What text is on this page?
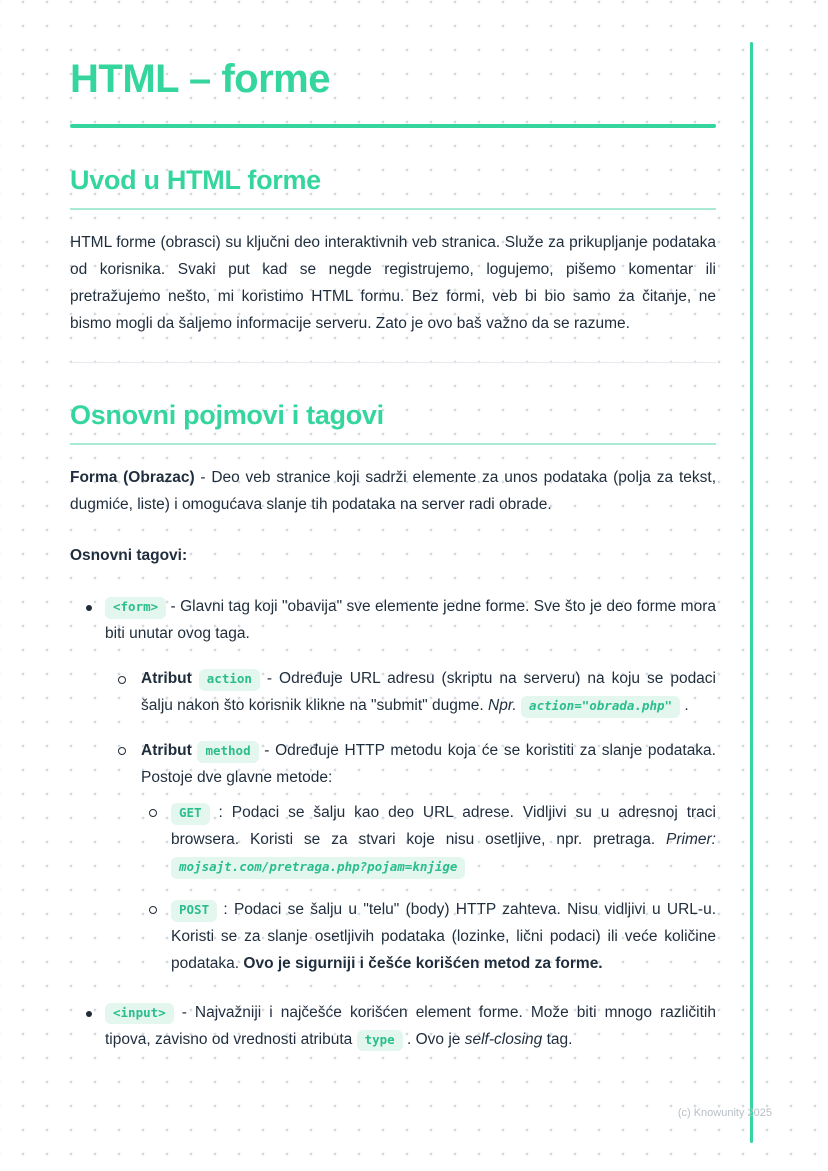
HTML – forme
Uvod u HTML forme

HTML forme (obrasci) su ključni deo interaktivnih veb stranica. Služe za prikupljanje podataka od korisnika. Svaki put kad se negde registrujemo, logujemo, pišemo komentar ili pretražujemo nešto, mi koristimo HTML formu. Bez formi, veb bi bio samo za čitanje, ne bismo mogli da šaljemo informacije serveru. Zato je ovo baš važno da se razume.

Osnovni pojmovi i tagovi

Forma (Obrazac) - Deo veb stranice koji sadrži elemente za unos podataka (polja za tekst, dugmiće, liste) i omogućava slanje tih podataka na server radi obrade.

Osnovni tagovi:

<form> - Glavni tag koji "obavija" sve elemente jedne forme. Sve što je deo forme mora biti unutar ovog taga.
Atribut action - Određuje URL adresu (skriptu na serveru) na koju se podaci šalju nakon što korisnik klikne na "submit" dugme. Npr. action="obrada.php" .
Atribut method - Određuje HTTP metodu koja će se koristiti za slanje podataka. Postoje dve glavne metode:
GET : Podaci se šalju kao deo URL adrese. Vidljivi su u adresnoj traci browsera. Koristi se za stvari koje nisu osetljive, npr. pretraga. Primer: mojsajt.com/pretraga.php?pojam=knjige
POST : Podaci se šalju u "telu" (body) HTTP zahteva. Nisu vidljivi u URL-u. Koristi se za slanje osetljivih podataka (lozinke, lični podaci) ili veće količine podataka. Ovo je sigurniji i češće korišćen metod za forme.
<input> - Najvažniji i najčešće korišćen element forme. Može biti mnogo različitih tipova, zavisno od vrednosti atributa type . Ovo je self-closing tag.
(c) Knowunity 2025
